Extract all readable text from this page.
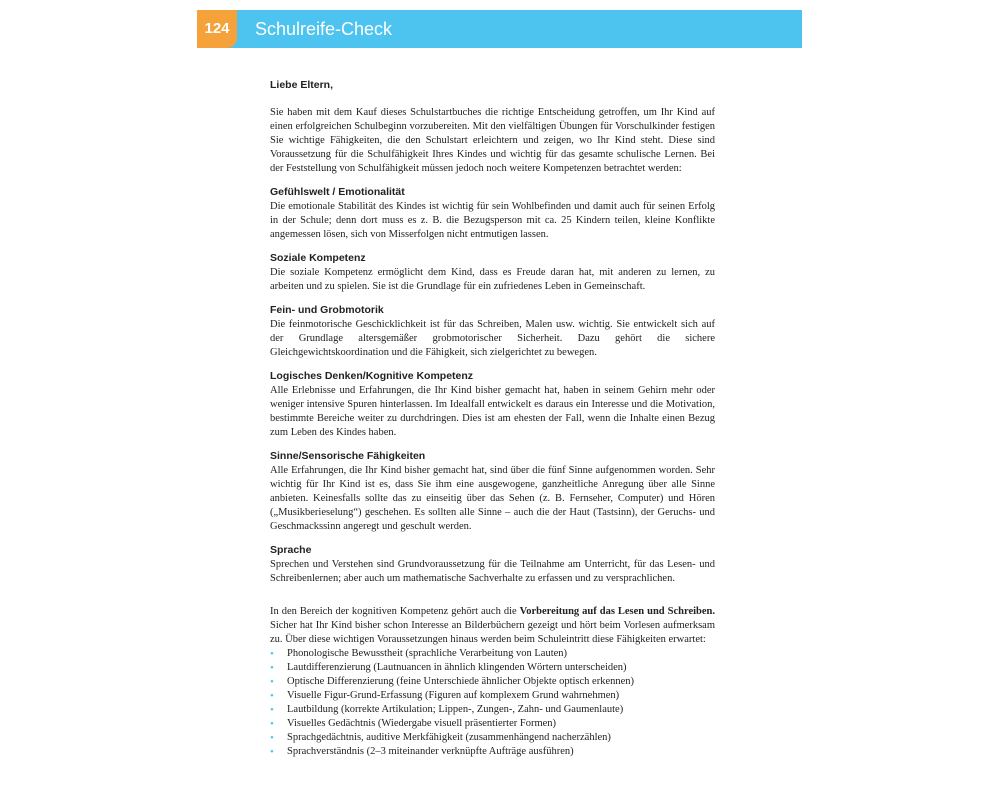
124	Schulreife-Check
Liebe Eltern,

Sie haben mit dem Kauf dieses Schulstartbuches die richtige Entscheidung getroffen, um Ihr Kind auf einen erfolgreichen Schulbeginn vorzubereiten. Mit den vielfältigen Übungen für Vorschulkinder festigen Sie wichtige Fähigkeiten, die den Schulstart erleichtern und zeigen, wo Ihr Kind steht. Diese sind Voraussetzung für die Schulfähigkeit Ihres Kindes und wichtig für das gesamte schulische Lernen. Bei der Feststellung von Schulfähigkeit müssen jedoch noch weitere Kompetenzen betrachtet werden:

Gefühlswelt / Emotionalität

Die emotionale Stabilität des Kindes ist wichtig für sein Wohlbefinden und damit auch für seinen Erfolg in der Schule; denn dort muss es z. B. die Bezugsperson mit ca. 25 Kindern teilen, kleine Konflikte angemessen lösen, sich von Misserfolgen nicht entmutigen lassen.

Soziale Kompetenz

Die soziale Kompetenz ermöglicht dem Kind, dass es Freude daran hat, mit anderen zu lernen, zu arbeiten und zu spielen. Sie ist die Grundlage für ein zufriedenes Leben in Gemeinschaft.

Fein- und Grobmotorik

Die feinmotorische Geschicklichkeit ist für das Schreiben, Malen usw. wichtig. Sie entwickelt sich auf der Grundlage altersgemäßer grobmotorischer Sicherheit. Dazu gehört die sichere Gleichgewichtskoordination und die Fähigkeit, sich zielgerichtet zu bewegen.

Logisches Denken/Kognitive Kompetenz

Alle Erlebnisse und Erfahrungen, die Ihr Kind bisher gemacht hat, haben in seinem Gehirn mehr oder weniger intensive Spuren hinterlassen. Im Idealfall entwickelt es daraus ein Interesse und die Motivation, bestimmte Bereiche weiter zu durchdringen. Dies ist am ehesten der Fall, wenn die Inhalte einen Bezug zum Leben des Kindes haben.

Sinne/Sensorische Fähigkeiten

Alle Erfahrungen, die Ihr Kind bisher gemacht hat, sind über die fünf Sinne aufgenommen worden. Sehr wichtig für Ihr Kind ist es, dass Sie ihm eine ausgewogene, ganzheitliche Anregung über alle Sinne anbieten. Keinesfalls sollte das zu einseitig über das Sehen (z. B. Fernseher, Computer) und Hören („Musikberieselung“) geschehen. Es sollten alle Sinne – auch die der Haut (Tastsinn), der Geruchs- und Geschmackssinn angeregt und geschult werden.

Sprache

Sprechen und Verstehen sind Grundvoraussetzung für die Teilnahme am Unterricht, für das Lesen- und Schreibenlernen; aber auch um mathematische Sachverhalte zu erfassen und zu versprachlichen.

In den Bereich der kognitiven Kompetenz gehört auch die Vorbereitung auf das Lesen und Schreiben. Sicher hat Ihr Kind bisher schon Interesse an Bilderbüchern gezeigt und hört beim Vorlesen aufmerksam zu. Über diese wichtigen Voraussetzungen hinaus werden beim Schuleintritt diese Fähigkeiten erwartet:

• Phonologische Bewusstheit (sprachliche Verarbeitung von Lauten)
• Lautdifferenzierung (Lautnuancen in ähnlich klingenden Wörtern unterscheiden)
• Optische Differenzierung (feine Unterschiede ähnlicher Objekte optisch erkennen)
• Visuelle Figur-Grund-Erfassung (Figuren auf komplexem Grund wahrnehmen)
• Lautbildung (korrekte Artikulation; Lippen-, Zungen-, Zahn- und Gaumenlaute)
• Visuelles Gedächtnis (Wiedergabe visuell präsentierter Formen)
• Sprachgedächtnis, auditive Merkfähigkeit (zusammenhängend nacherzählen)
• Sprachverständnis (2–3 miteinander verknüpfte Aufträge ausführen)
